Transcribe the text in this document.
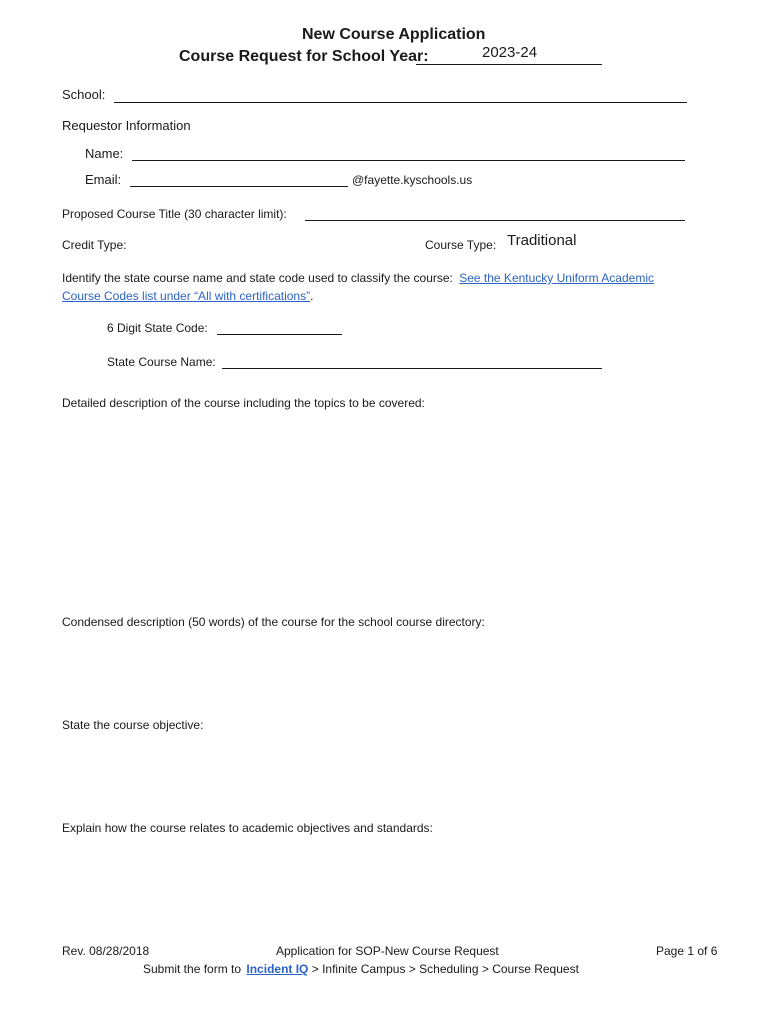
New Course Application
Course Request for School Year:	2023-24
School:
Requestor Information
Name:
Email:	@fayette.kyschools.us
Proposed Course Title (30 character limit):
Credit Type:	Course Type: Traditional
Identify the state course name and state code used to classify the course: See the Kentucky Uniform Academic
Course Codes list under “All with certifications”.
6 Digit State Code:
State Course Name:
Detailed description of the course including the topics to be covered:
Condensed description (50 words) of the course for the school course directory:
State the course objective:
Explain how the course relates to academic objectives and standards:
Rev. 08/28/2018	Application for SOP-New Course Request	Page 1 of 6
Submit the form to Incident IQ > Infinite Campus > Scheduling > Course Request
